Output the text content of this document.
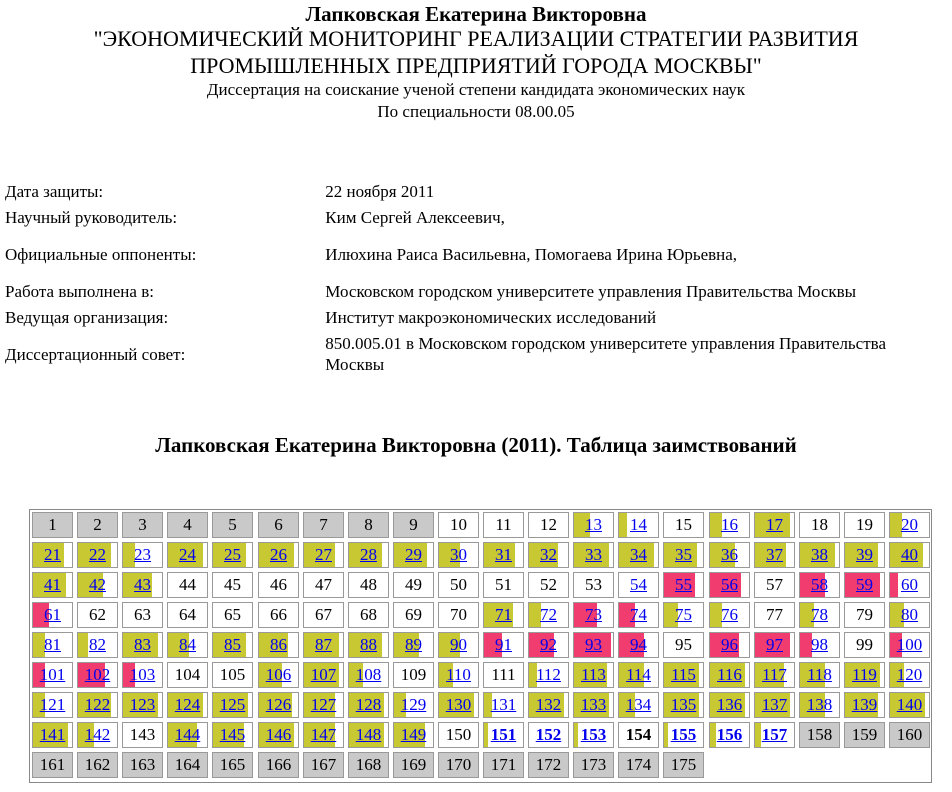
Лапковская Екатерина Викторовна
"ЭКОНОМИЧЕСКИЙ МОНИТОРИНГ РЕАЛИЗАЦИИ СТРАТЕГИИ РАЗВИТИЯ
ПРОМЫШЛЕННЫХ ПРЕДПРИЯТИЙ ГОРОДА МОСКВЫ"
Диссертация на соискание ученой степени кандидата экономических наук
По специальности 08.00.05
Дата защиты:	22 ноября 2011
Научный руководитель:	Ким Сергей Алексеевич,
Официальные оппоненты:	Илюхина Раиса Васильевна, Помогаева Ирина Юрьевна,
Работа выполнена в:	Московском городском университете управления Правительства Москвы
Ведущая организация:	Институт макроэкономических исследований
Диссертационный совет:	850.005.01 в Московском городском университете управления Правительства Москвы
Лапковская Екатерина Викторовна (2011). Таблица заимствований
1	2	3	4	5	6	7	8	9	10	11	12	13	14	15	16	17	18	19	20
21	22	23	24	25	26	27	28	29	30	31	32	33	34	35	36	37	38	39	40
41	42	43	44	45	46	47	48	49	50	51	52	53	54	55	56	57	58	59	60
61	62	63	64	65	66	67	68	69	70	71	72	73	74	75	76	77	78	79	80
81	82	83	84	85	86	87	88	89	90	91	92	93	94	95	96	97	98	99	100
101	102	103	104	105	106	107	108	109	110	111	112	113	114	115	116	117	118	119	120
121	122	123	124	125	126	127	128	129	130	131	132	133	134	135	136	137	138	139	140
141	142	143	144	145	146	147	148	149	150	151	152	153	154	155	156	157	158	159	160
161	162	163	164	165	166	167	168	169	170	171	172	173	174	175
